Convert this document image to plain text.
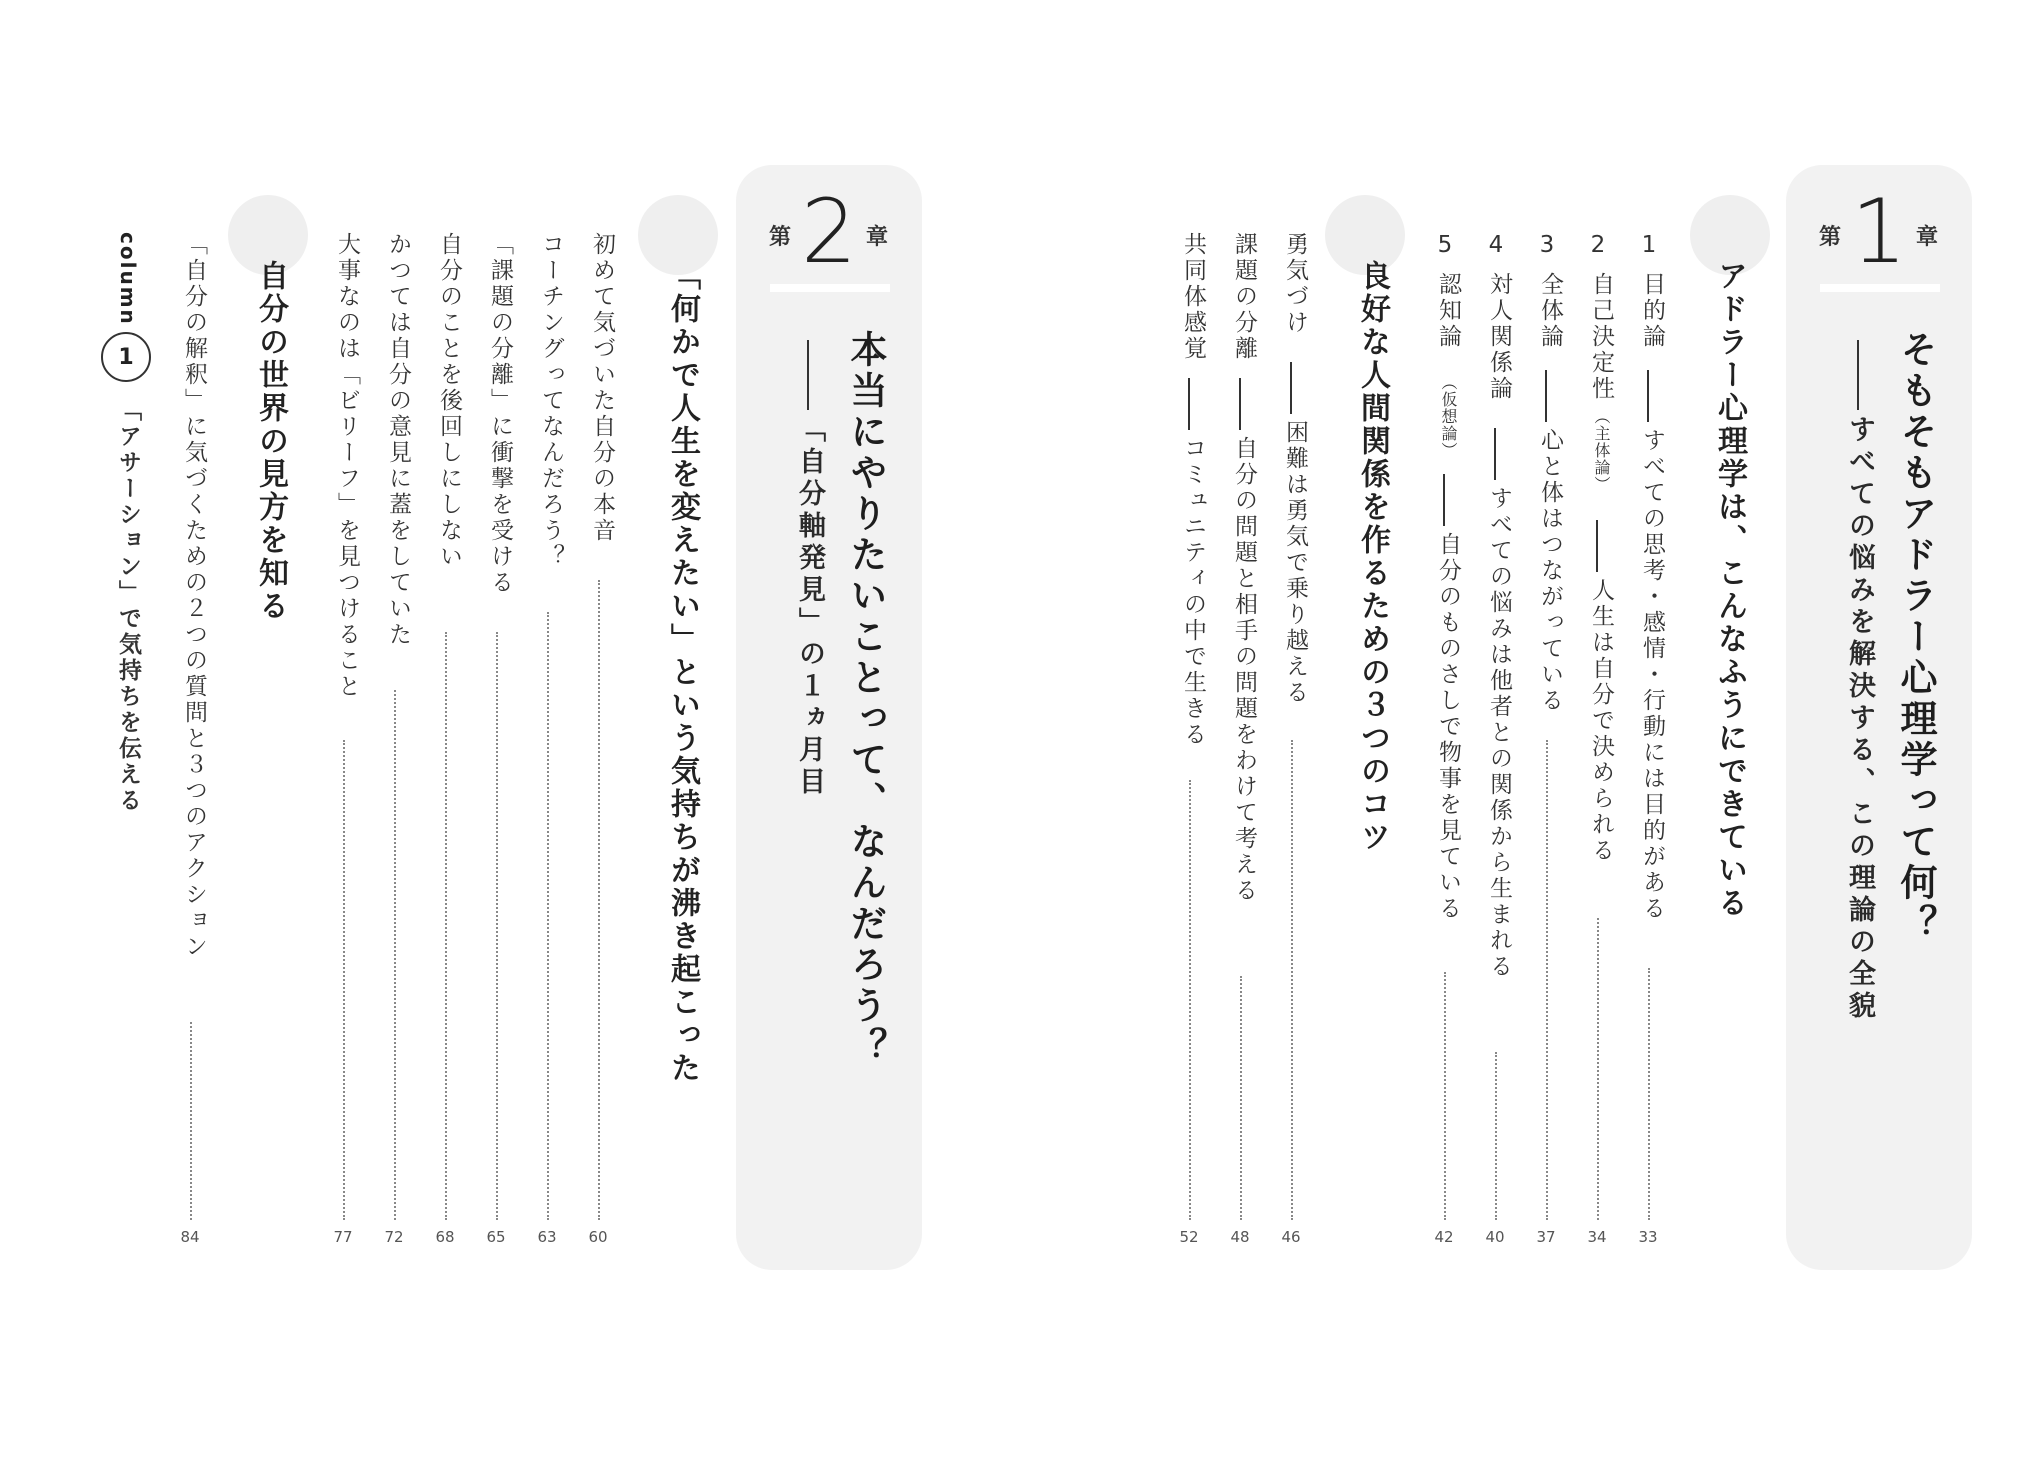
第 1 章
そもそもアドラー心理学って何？
すべての悩みを解決する、この理論の全貌
アドラー心理学は、こんなふうにできている
1
目的論
すべての思考・感情・行動には目的がある
33
2
自己決定性
（主体論）
人生は自分で決められる
34
3
全体論
心と体はつながっている
37
4
対人関係論
すべての悩みは他者との関係から生まれる
40
5
認知論
（仮想論）
自分のものさしで物事を見ている
42
良好な人間関係を作るための３つのコツ
勇気づけ
困難は勇気で乗り越える
46
課題の分離
自分の問題と相手の問題をわけて考える
48
共同体感覚
コミュニティの中で生きる
52
第 2 章
本当にやりたいことって、なんだろう？
「自分軸発見」の１ヵ月目
「何かで人生を変えたい」という気持ちが沸き起こった
初めて気づいた自分の本音
60
コーチングってなんだろう？
63
「課題の分離」に衝撃を受ける
65
自分のことを後回しにしない
68
かつては自分の意見に蓋をしていた
72
大事なのは「ビリーフ」を見つけること
77
自分の世界の見方を知る
「自分の解釈」に気づくための２つの質問と３つのアクション
84
column
1
「アサーション」で気持ちを伝える
